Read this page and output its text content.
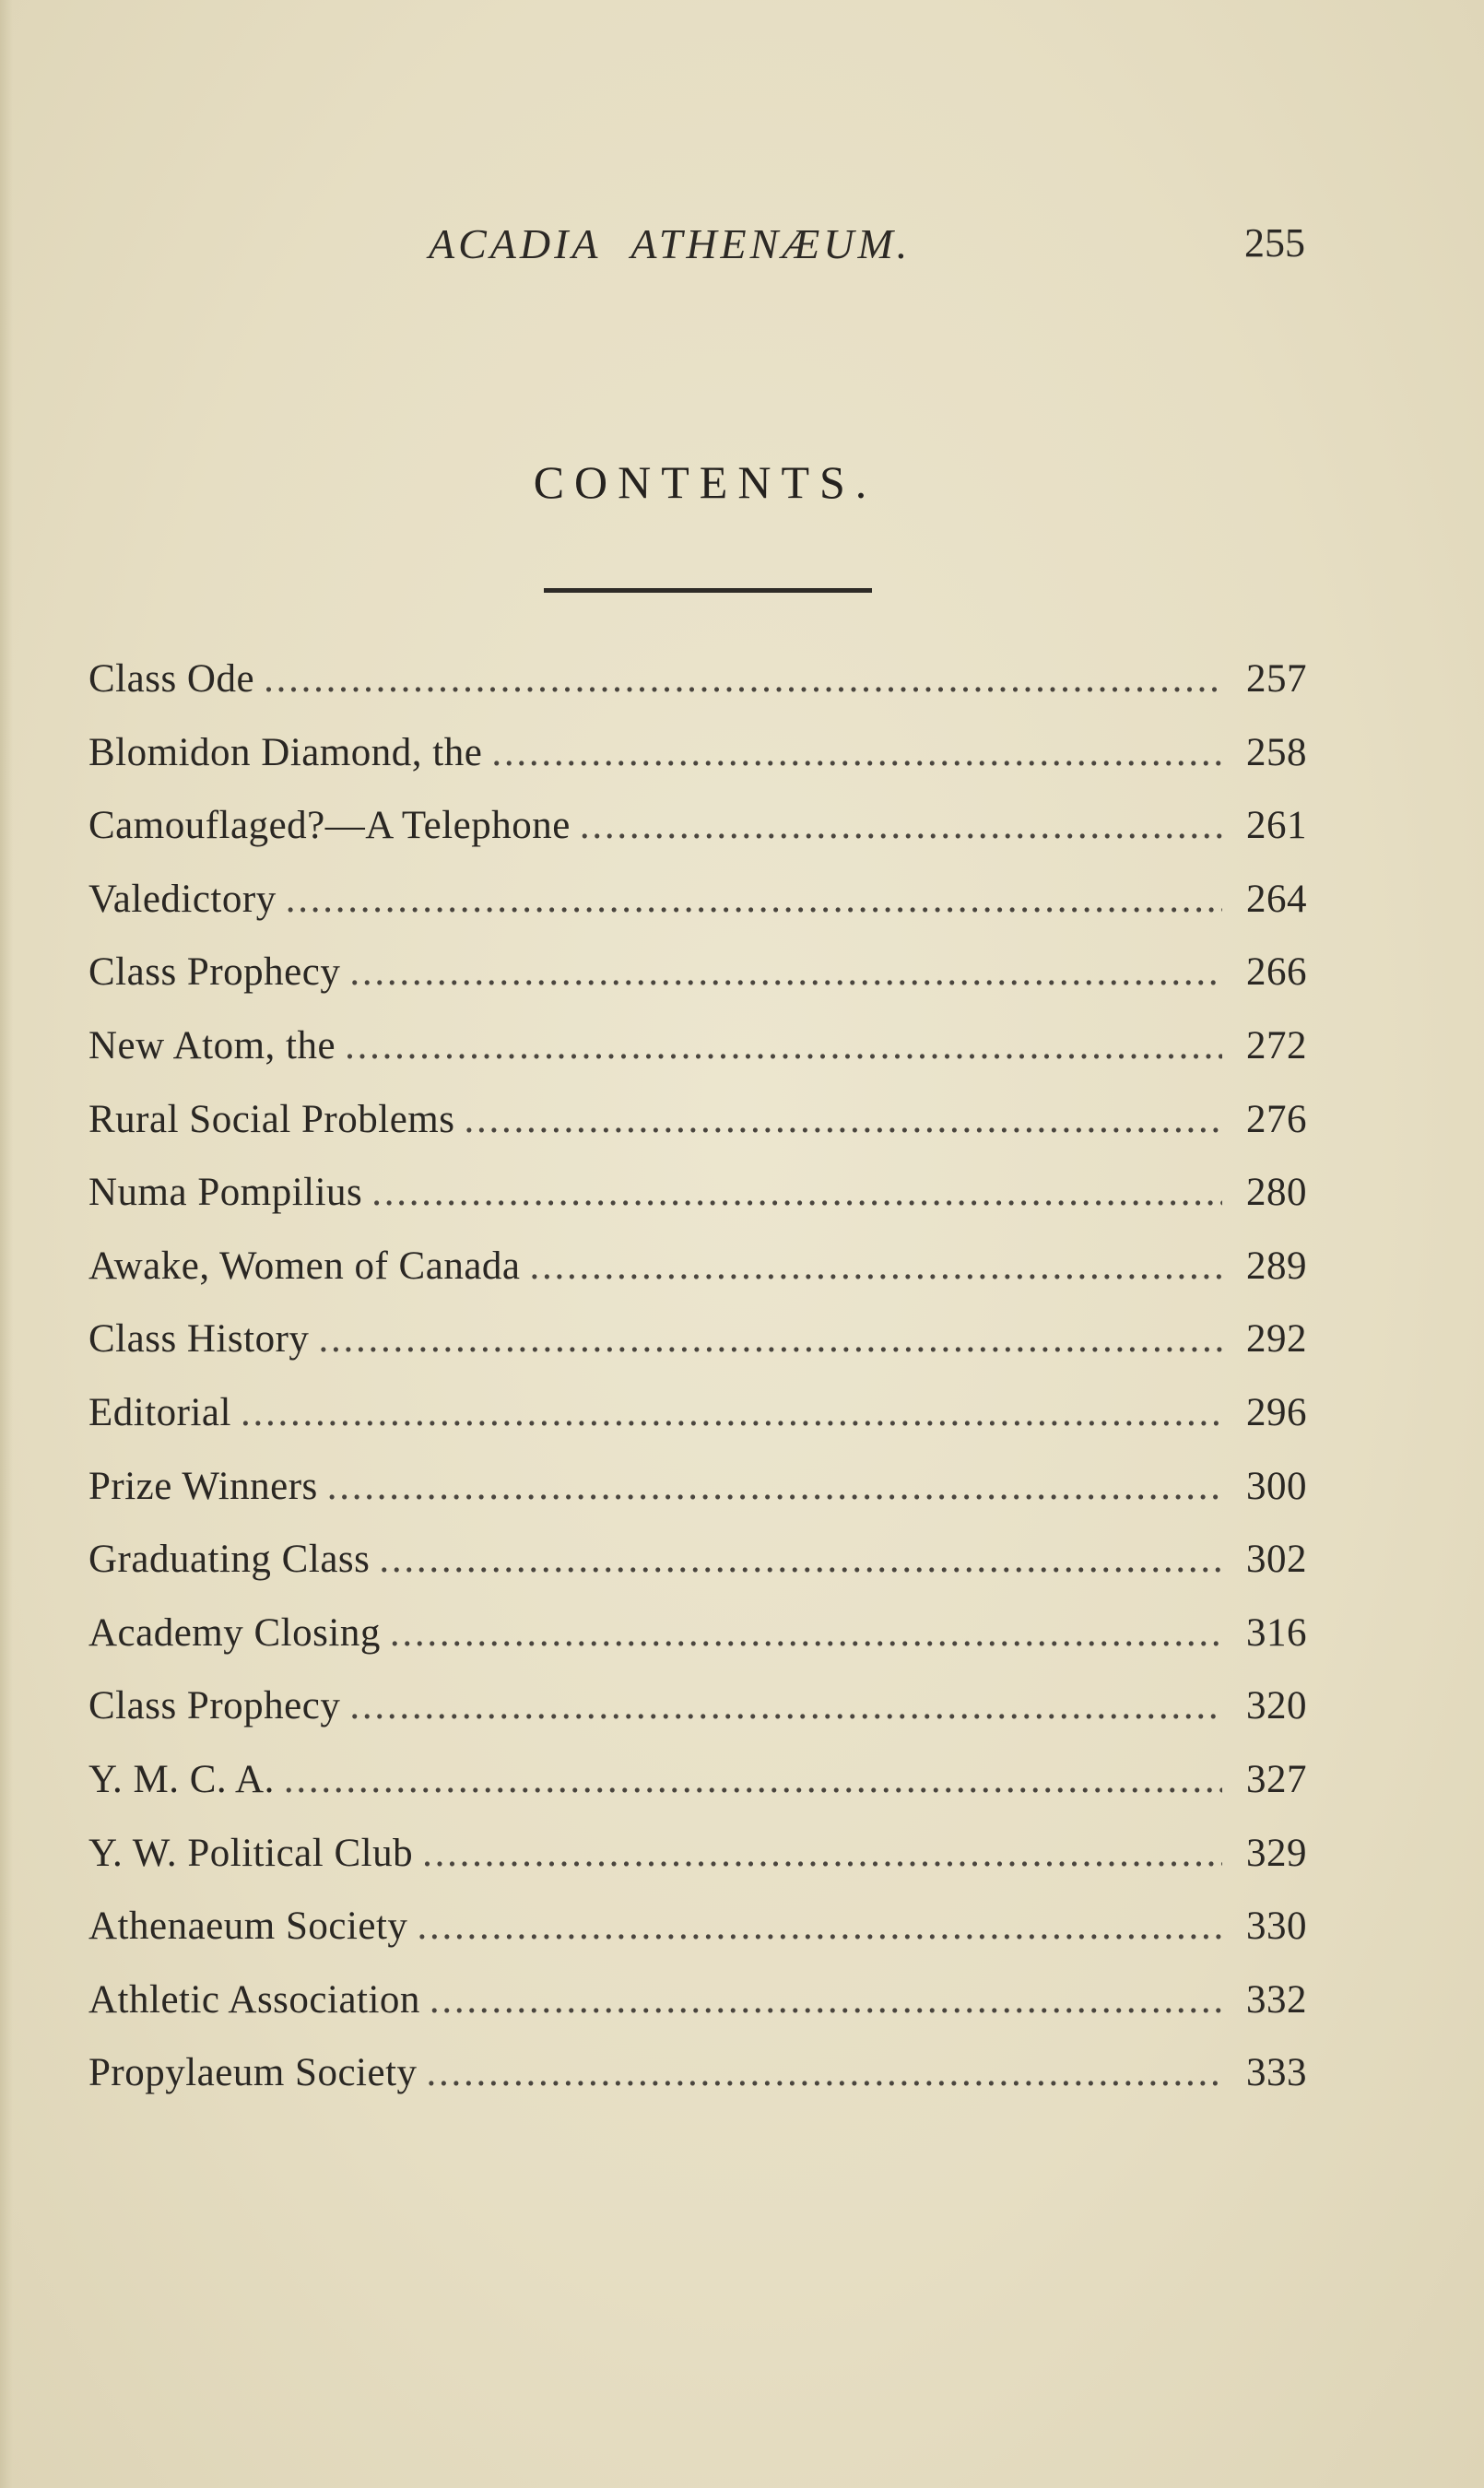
ACADIA ATHENÆUM.	255
CONTENTS.
Class Ode . . .	257
Blomidon Diamond, the . . .	258
Camouflaged?—A Telephone . . .	261
Valedictory . . .	264
Class Prophecy . . .	266
New Atom, the . . .	272
Rural Social Problems . . .	276
Numa Pompilius . . .	280
Awake, Women of Canada . . .	289
Class History . . .	292
Editorial . . .	296
Prize Winners . . .	300
Graduating Class . . .	302
Academy Closing . . .	316
Class Prophecy . . .	320
Y. M. C. A. . . .	327
Y. W. Political Club . . .	329
Athenaeum Society . . .	330
Athletic Association . . .	332
Propylaeum Society . . .	333
